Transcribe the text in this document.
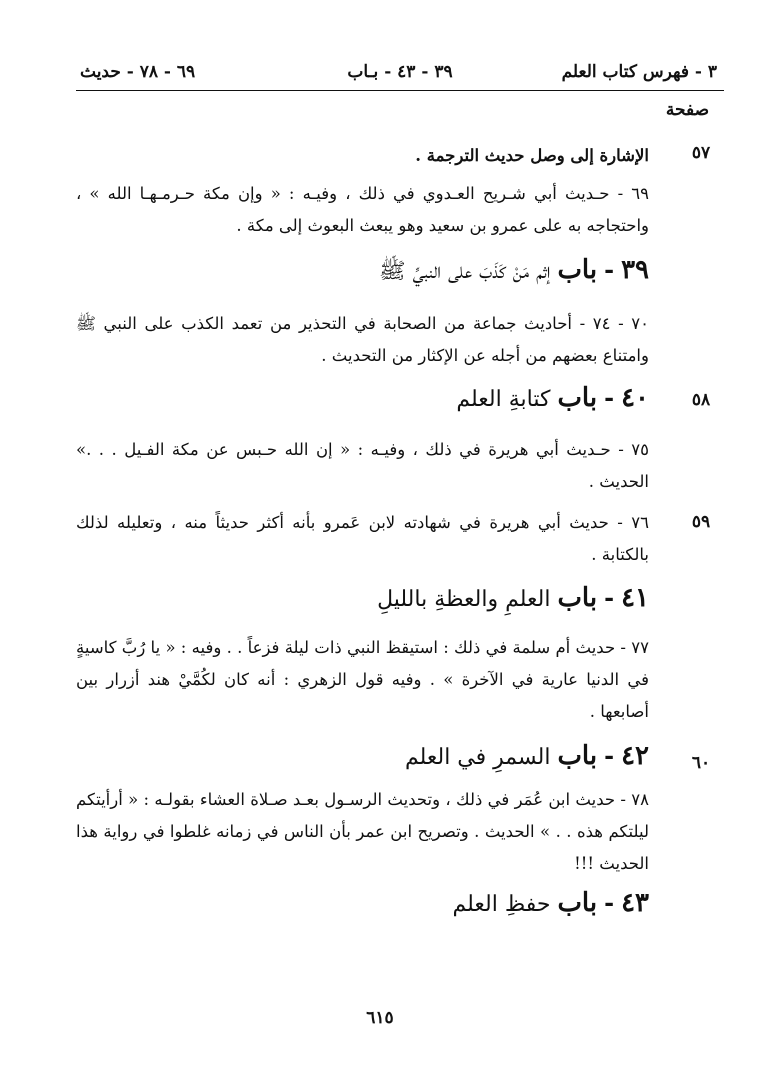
٣ - فهرس كتاب العلم
٣٩ - ٤٣ - بـاب
٦٩ - ٧٨ - حديث
صفحة
٥٧
الإشارة إلى وصل حديث الترجمة .
٦٩ - حـديث أبي شـريح العـدوي في ذلك ، وفيـه : « وإن مكة حـرمـهـا الله » ، واحتجاجه به على عمرو بن سعيد وهو يبعث البعوث إلى مكة .
٣٩ - باب إثم مَنْ كَذَبَ على النبيِّ ﷺ
٧٠ - ٧٤ - أحاديث جماعة من الصحابة في التحذير من تعمد الكذب على النبي ﷺ وامتناع بعضهم من أجله عن الإكثار من التحديث .
٥٨
٤٠ - باب كتابةِ العلم
٧٥ - حـديث أبي هريرة في ذلك ، وفيـه : « إن الله حـبس عن مكة الفـيل . . .» الحديث .
٥٩
٧٦ - حديث أبي هريرة في شهادته لابن عَمرو بأنه أكثر حديثاً منه ، وتعليله لذلك بالكتابة .
٤١ - باب العلمِ والعظةِ بالليلِ
٧٧ - حديث أم سلمة في ذلك : استيقظ النبي ذات ليلة فزعاً . . وفيه : « يا رُبَّ كاسيةٍ في الدنيا عارية في الآخرة » . وفيه قول الزهري : أنه كان لكُمَّيْ هند أزرار بين أصابعها .
٦٠
٤٢ - باب السمرِ في العلم
٧٨ - حديث ابن عُمَر في ذلك ، وتحديث الرسـول بعـد صـلاة العشاء بقولـه : « أرأيتكم ليلتكم هذه . . » الحديث . وتصريح ابن عمر بأن الناس في زمانه غلطوا في رواية هذا الحديث !!!
٤٣ - باب حفظِ العلم
٦١٥
